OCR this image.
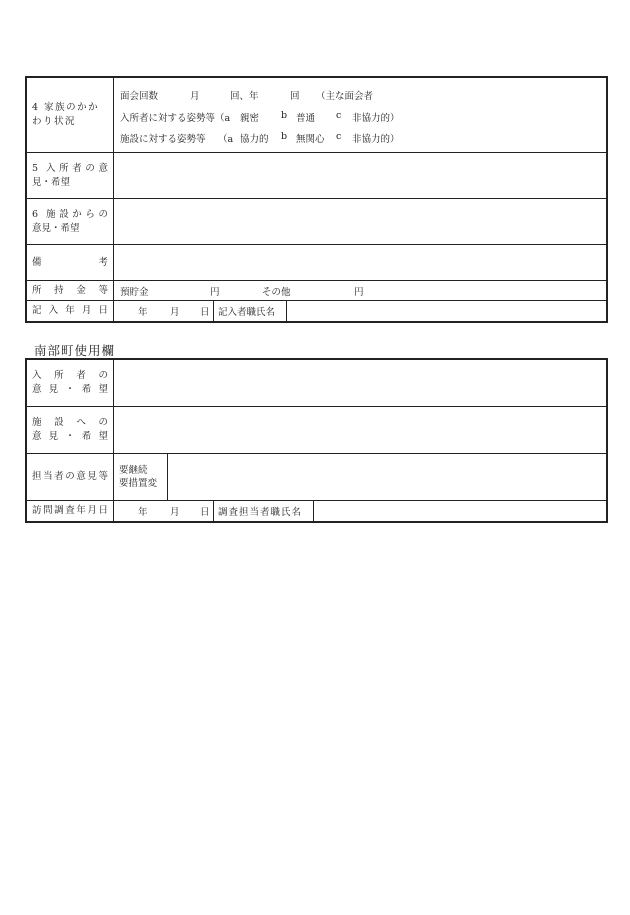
4 家族のかかわり状況
面会回数	月	回、年	回 （主な面会者
入所者に対する姿勢等（a 親密 b 普通 c 非協力的）
施設に対する姿勢等 （a 協力的 b 無関心 c 非協力的）
5 入所者の意
見・希望
6 施設からの
意見・希望
備	考
所持金等 預貯金	円	その他	円
記入年月日	年 月 日 記入者職氏名
南部町使用欄
入所者の
意見・希望
施設への
意見・希望
担当者の意見等
要継続
要措置変
訪問調査年月日	年 月 日 調査担当者職氏名
